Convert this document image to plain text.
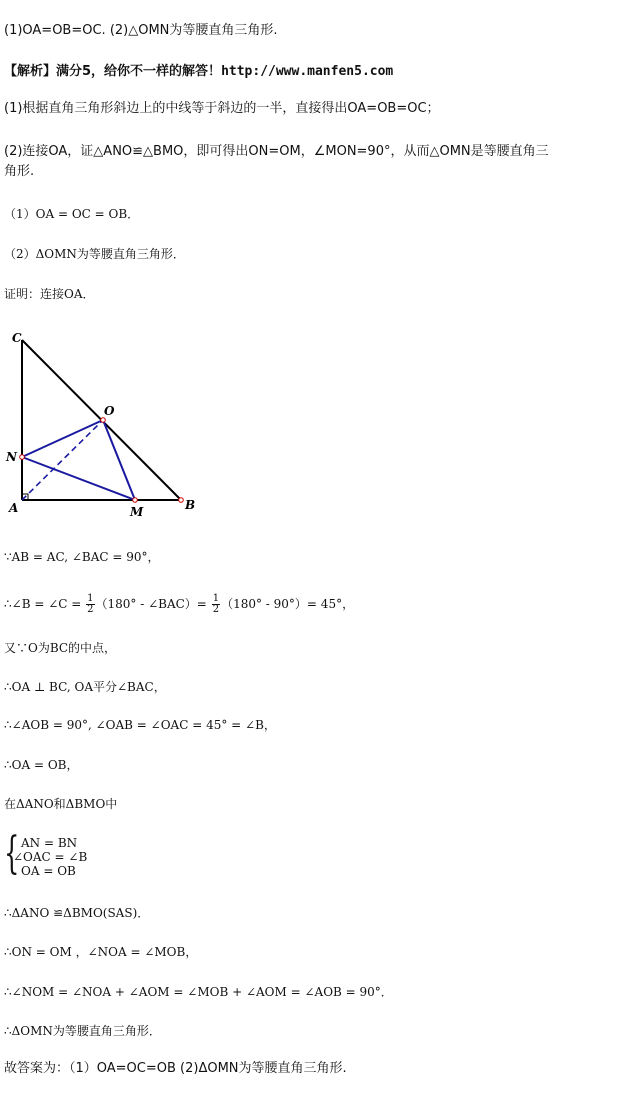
(1)OA=OB=OC. (2)△OMN为等腰直角三角形.
【解析】满分5，给你不一样的解答！http://www.manfen5.com
(1)根据直角三角形斜边上的中线等于斜边的一半，直接得出OA=OB=OC；
(2)连接OA，证△ANO≌△BMO，即可得出ON=OM，∠MON=90°，从而△OMN是等腰直角三
角形.
（1）OA = OC = OB．
（2）ΔOMN为等腰直角三角形．
证明：连接OA．
C
O
N
A	M	B
∵AB = AC, ∠BAC = 90°，
∴∠B = ∠C = $\frac{1}{2} (180^\circ$ - ∠BAC）= $\frac{1}{2} (180^\circ - 90^\circ)= 45^\circ$，
又∵O为BC的中点，
∴OA ⊥ BC, OA平分∠BAC，
∴∠AOB = 90°, ∠OAB = ∠OAC = 45° = ∠B，
∴OA = OB，
在ΔANO和ΔBMO中
{ AN = BN
∠OAC = ∠B
OA = OB
∴ΔANO ≌ΔBMO(SAS)．
∴ON = OM ，∠NOA = ∠MOB，
∴∠NOM = ∠NOA + ∠AOM = ∠MOB + ∠AOM = ∠AOB = 90°．
∴ΔOMN为等腰直角三角形．
故答案为：（1）OA=OC=OB (2)ΔOMN为等腰直角三角形.
